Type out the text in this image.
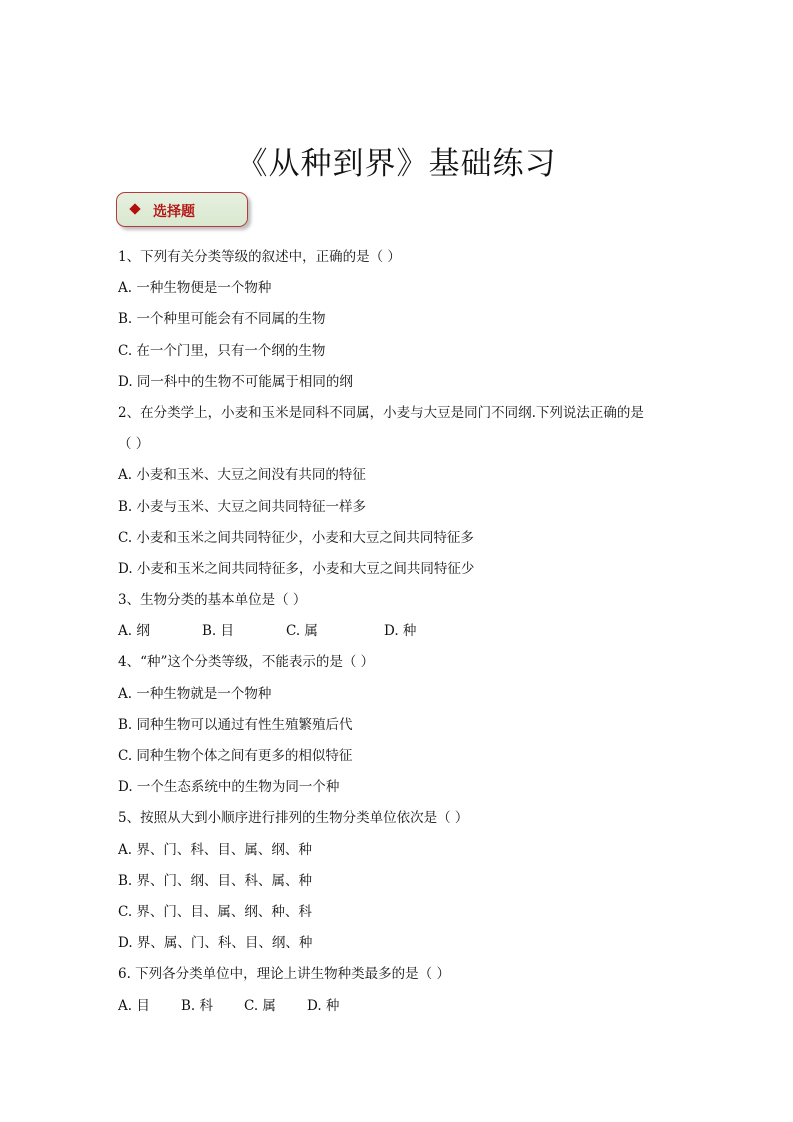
《从种到界》基础练习
选择题
1、下列有关分类等级的叙述中，正确的是（ ）
A. 一种生物便是一个物种
B. 一个种里可能会有不同属的生物
C. 在一个门里，只有一个纲的生物
D. 同一科中的生物不可能属于相同的纲
2、在分类学上，小麦和玉米是同科不同属，小麦与大豆是同门不同纲.下列说法正确的是
（ ）
A. 小麦和玉米、大豆之间没有共同的特征
B. 小麦与玉米、大豆之间共同特征一样多
C. 小麦和玉米之间共同特征少，小麦和大豆之间共同特征多
D. 小麦和玉米之间共同特征多，小麦和大豆之间共同特征少
3、生物分类的基本单位是（ ）
A. 纲	B. 目	C. 属	D. 种
4、“种”这个分类等级，不能表示的是（ ）
A. 一种生物就是一个物种
B. 同种生物可以通过有性生殖繁殖后代
C. 同种生物个体之间有更多的相似特征
D. 一个生态系统中的生物为同一个种
5、按照从大到小顺序进行排列的生物分类单位依次是（ ）
A. 界、门、科、目、属、纲、种
B. 界、门、纲、目、科、属、种
C. 界、门、目、属、纲、种、科
D. 界、属、门、科、目、纲、种
6. 下列各分类单位中，理论上讲生物种类最多的是（ ）
A. 目	B. 科	C. 属	D. 种
